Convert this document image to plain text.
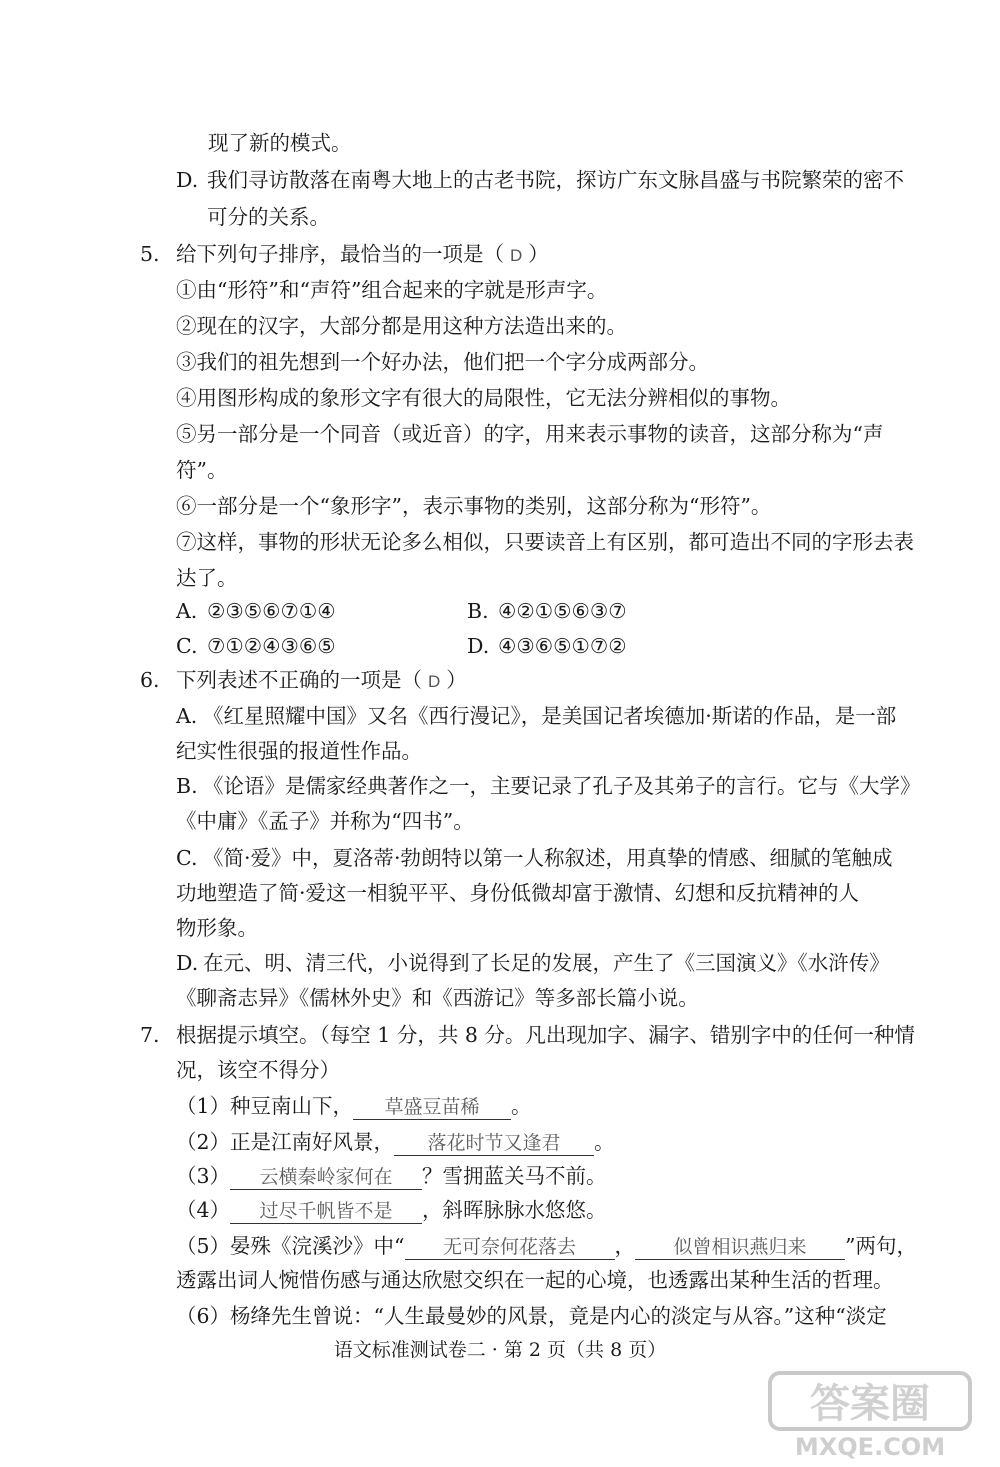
现了新的模式。
D. 我们寻访散落在南粤大地上的古老书院，探访广东文脉昌盛与书院繁荣的密不
可分的关系。
5. 给下列句子排序，最恰当的一项是（ D ）
①由“形符”和“声符”组合起来的字就是形声字。
②现在的汉字，大部分都是用这种方法造出来的。
③我们的祖先想到一个好办法，他们把一个字分成两部分。
④用图形构成的象形文字有很大的局限性，它无法分辨相似的事物。
⑤另一部分是一个同音（或近音）的字，用来表示事物的读音，这部分称为“声
符”。
⑥一部分是一个“象形字”，表示事物的类别，这部分称为“形符”。
⑦这样，事物的形状无论多么相似，只要读音上有区别，都可造出不同的字形去表
达了。
A. ②③⑤⑥⑦①④	B. ④②①⑤⑥③⑦
C. ⑦①②④③⑥⑤	D. ④③⑥⑤①⑦②
6. 下列表述不正确的一项是（ D ）
A. 《红星照耀中国》又名《西行漫记》，是美国记者埃德加·斯诺的作品，是一部
纪实性很强的报道性作品。
B. 《论语》是儒家经典著作之一，主要记录了孔子及其弟子的言行。它与《大学》
《中庸》《孟子》并称为“四书”。
C. 《简·爱》中，夏洛蒂·勃朗特以第一人称叙述，用真挚的情感、细腻的笔触成
功地塑造了简·爱这一相貌平平、身份低微却富于激情、幻想和反抗精神的人
物形象。
D. 在元、明、清三代，小说得到了长足的发展，产生了《三国演义》《水浒传》
《聊斋志异》《儒林外史》和《西游记》等多部长篇小说。
7. 根据提示填空。（每空 1 分，共 8 分。凡出现加字、漏字、错别字中的任何一种情
况，该空不得分）
（1）种豆南山下， 草盛豆苗稀 。
（2）正是江南好风景， 落花时节又逢君 。
（3） 云横秦岭家何在 ？雪拥蓝关马不前。
（4） 过尽千帆皆不是 ，斜晖脉脉水悠悠。
（5）晏殊《浣溪沙》中“ 无可奈何花落去 ， 似曾相识燕归来 ”两句，
透露出词人惋惜伤感与通达欣慰交织在一起的心境，也透露出某种生活的哲理。
（6）杨绛先生曾说：“人生最曼妙的风景，竟是内心的淡定与从容。”这种“淡定
语文标准测试卷二 · 第 2 页（共 8 页）
答案圈
MXQE.COM
